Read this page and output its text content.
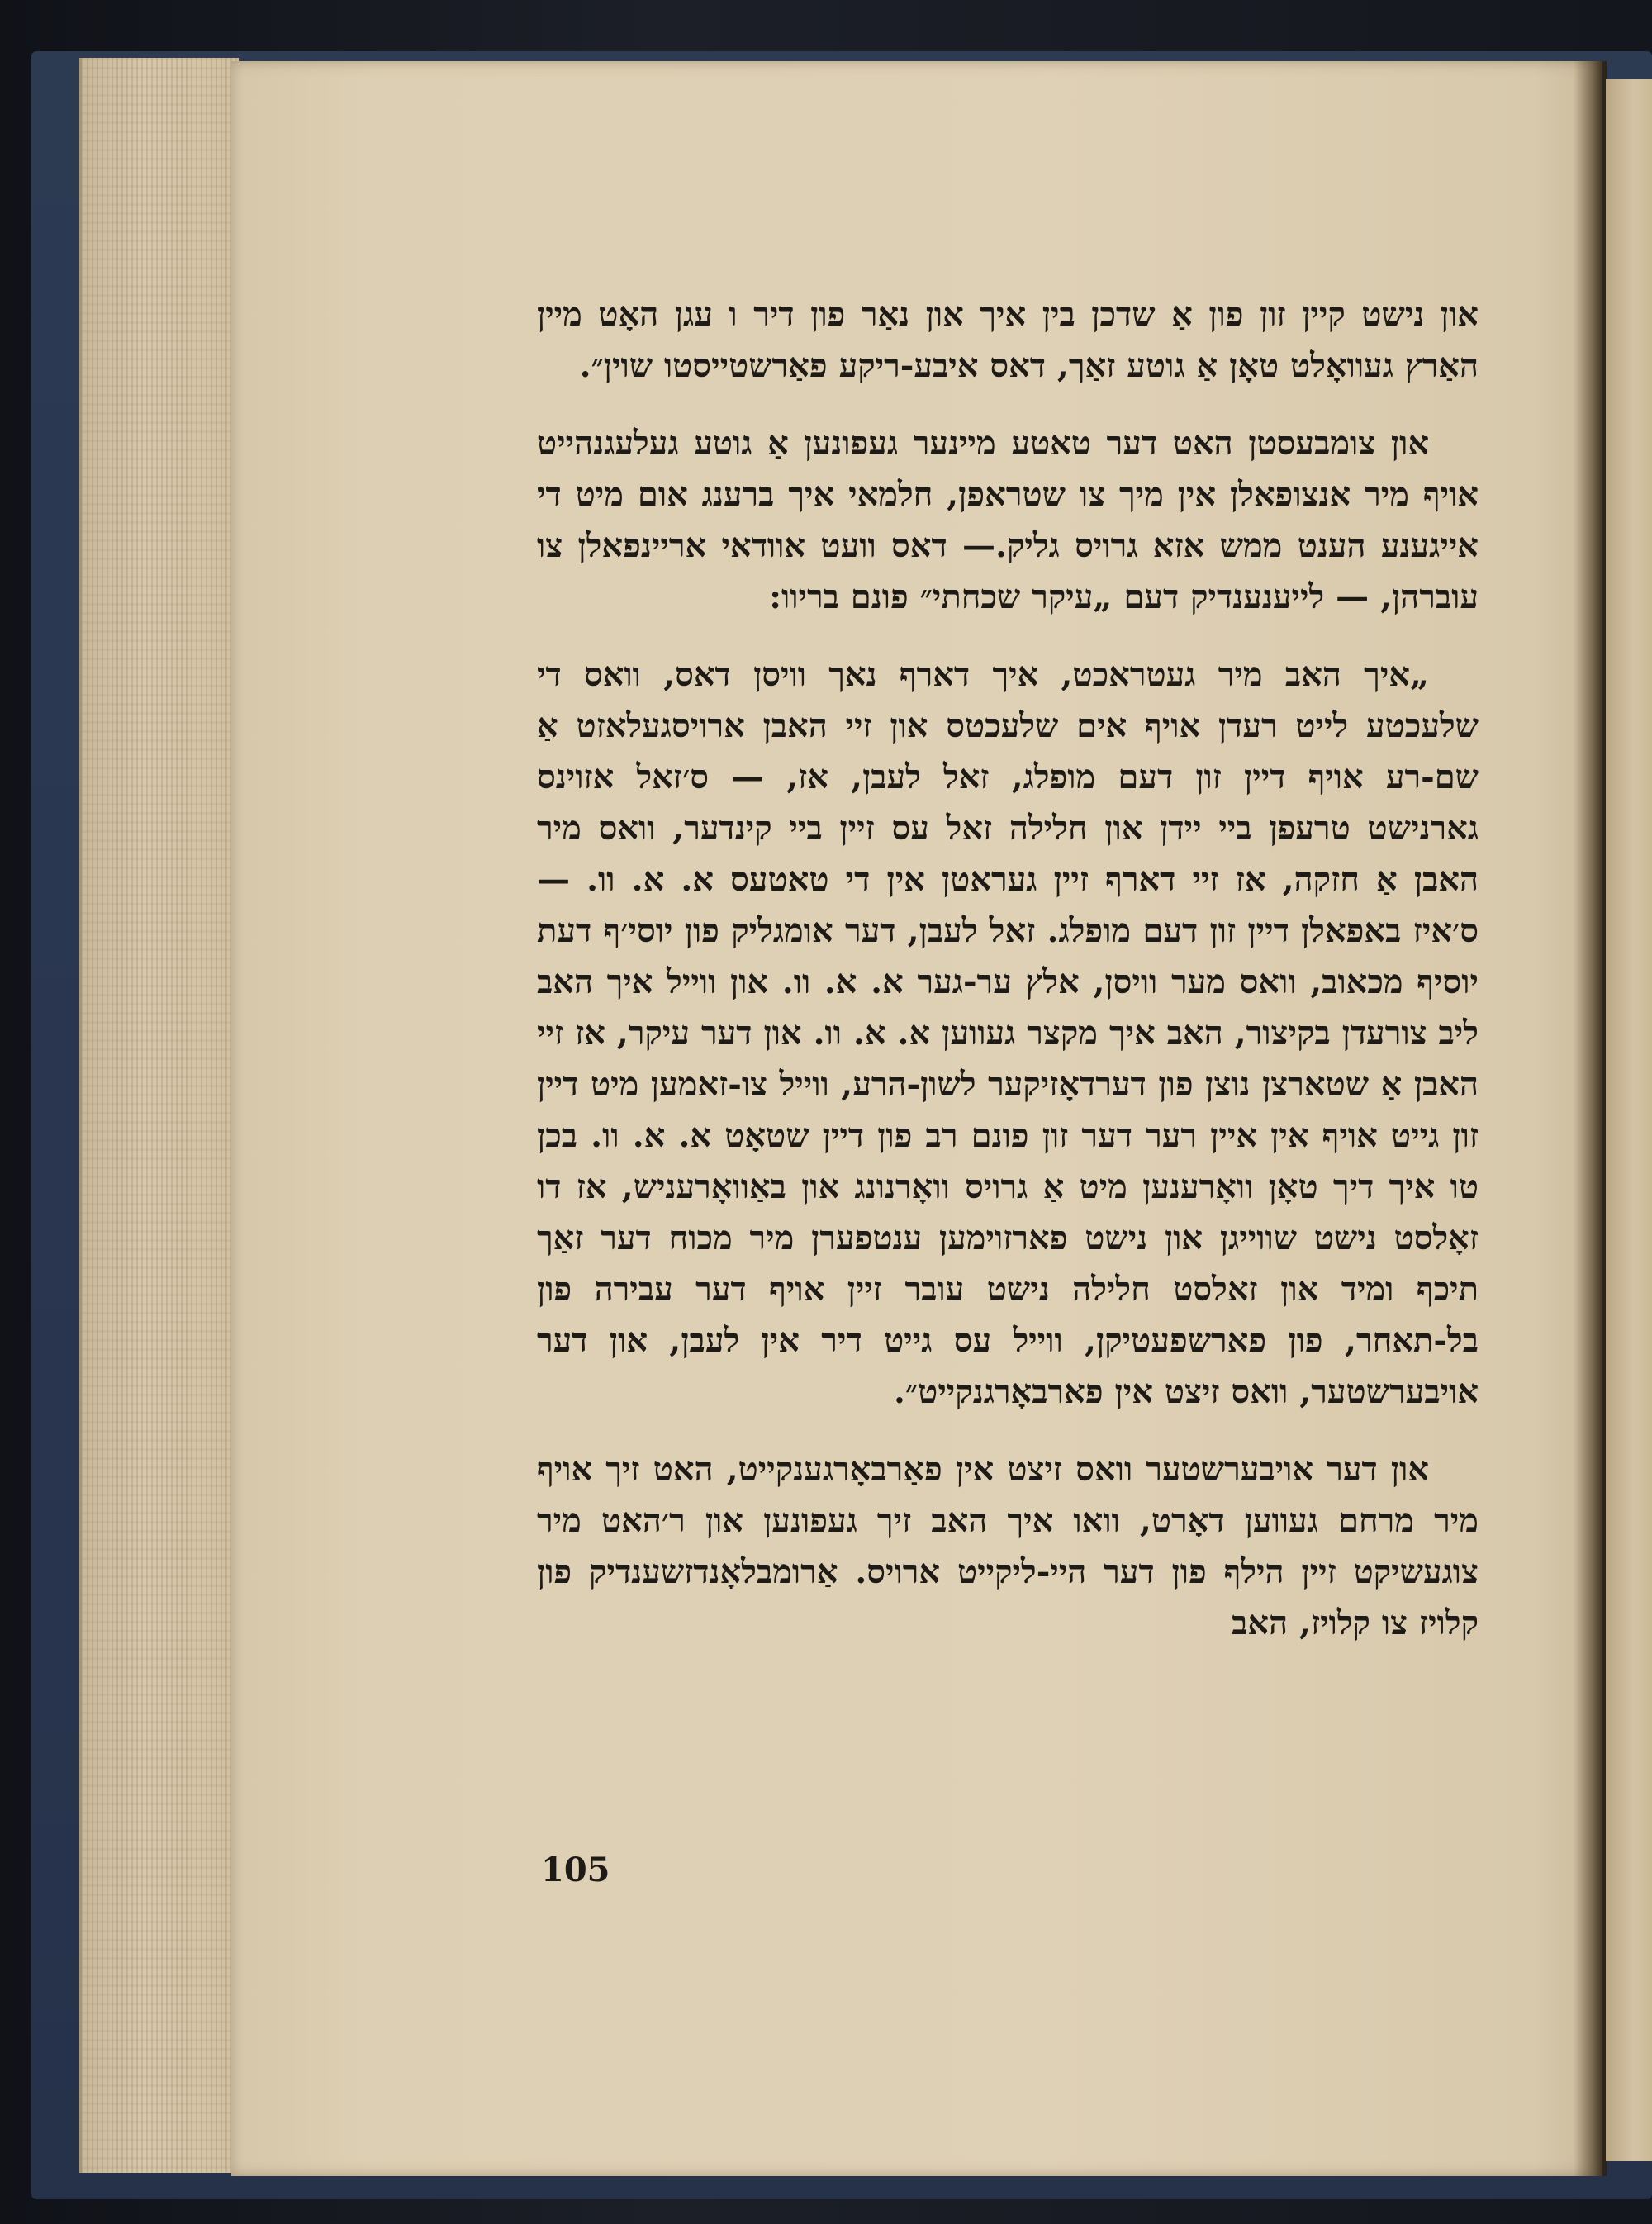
און נישט קיין זון פון אַ שדכן בין איך און נאַר פון דיר ו עגן האָט מיין האַרץ געוואָלט טאָן אַ גוטע זאַך, דאס איבע-ריקע פאַרשטייסטו שוין״.

און צומבעסטן האט דער טאטע מיינער געפונען אַ גוטע געלעגנהייט אויף מיר אנצופאלן אין מיך צו שטראפן, חלמאי איך ברענג אום מיט די אייגענע הענט ממש אזא גרויס גליק.— דאס וועט אוודאי אריינפאלן צו עוברהן, — לייענענדיק דעם „עיקר שכחתי״ פונם בריוו:

„איך האב מיר געטראכט, איך דארף נאך וויסן דאס, וואס די שלעכטע לייט רעדן אויף אים שלעכטס און זיי האבן ארויסגעלאזט אַ שם-רע אויף דיין זון דעם מופלג, זאל לעבן, אז, — ס׳זאל אזוינס גארנישט טרעפן ביי יידן און חלילה זאל עס זיין ביי קינדער, וואס מיר האבן אַ חזקה, אז זיי דארף זיין געראטן אין די טאטעס א. א. וו. — ס׳איז באפאלן דיין זון דעם מופלג. זאל לעבן, דער אומגליק פון יוסי׳ף דעת יוסיף מכאוב, וואס מער וויסן, אלץ ער-גער א. א. וו. און ווייל איך האב ליב צורעדן בקיצור, האב איך מקצר געווען א. א. וו. און דער עיקר, אז זיי האבן אַ שטארצן נוצן פון דערדאָזיקער לשון-הרע, ווייל צו-זאמען מיט דיין זון גייט אויף אין איין רער דער זון פונם רב פון דיין שטאָט א. א. וו. בכן טו איך דיך טאָן וואָרענען מיט אַ גרויס וואָרנונג און באַוואָרעניש, אז דו זאָלסט נישט שווייגן און נישט פארזוימען ענטפערן מיר מכוח דער זאַך תיכף ומיד און זאלסט חלילה נישט עובר זיין אויף דער עבירה פון בל-תאחר, פון פארשפעטיקן, ווייל עס גייט דיר אין לעבן, און דער אויבערשטער, וואס זיצט אין פארבאָרגנקייט״.

און דער אויבערשטער וואס זיצט אין פאַרבאָרגענקייט, האט זיך אויף מיר מרחם געווען דאָרט, וואו איך האב זיך געפונען און ר׳האט מיר צוגעשיקט זיין הילף פון דער היי-ליקייט ארויס. אַרומבלאָנדזשענדיק פון קלויז צו קלויז, האב

105
